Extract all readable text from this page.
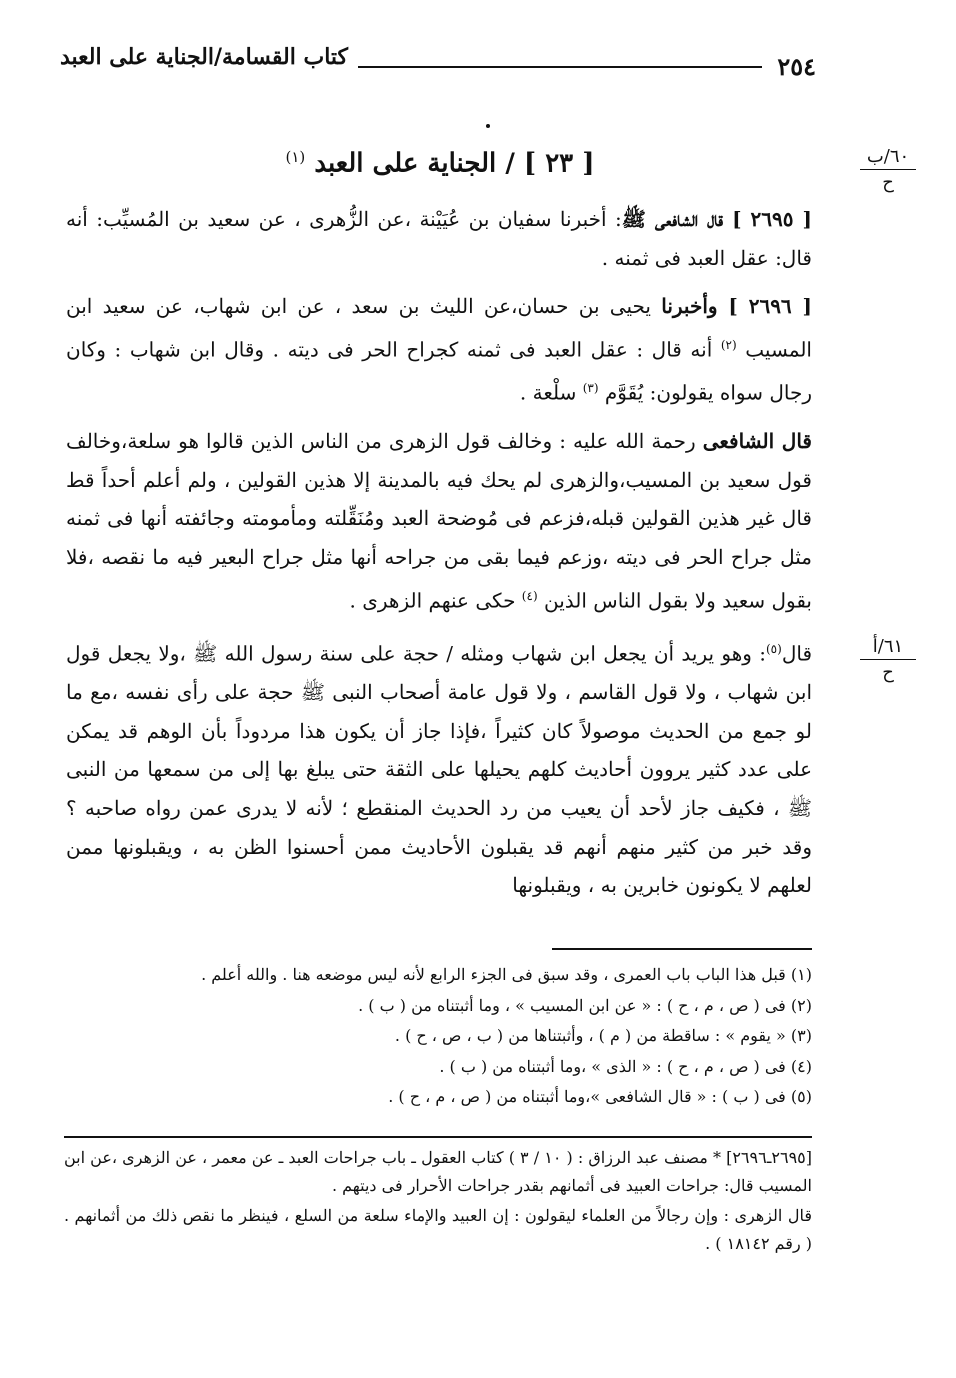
كتاب القسامة/الجناية على العبد	٢٥٤
٦٠/ب
ح
٦١/أ
ح
[ ٢٣ ] / الجناية على العبد $^{(١)}$

[ ٢٦٩٥ ] قال الشافعى ﷺ: أخبرنا سفيان بن عُيَيْنة ،عن الزُّهرى ، عن سعيد بن المُسيِّب: أنه قال: عقل العبد فى ثمنه .

[ ٢٦٩٦ ] وأخبرنا يحيى بن حسان،عن الليث بن سعد ، عن ابن شهاب، عن سعيد ابن المسيب $^{(٢)}$ أنه قال : عقل العبد فى ثمنه كجراح الحر فى ديته . وقال ابن شهاب : وكان رجال سواه يقولون: يُقَوَّم $^{(٣)}$ سلْعة .

قال الشافعى رحمة الله عليه : وخالف قول الزهرى من الناس الذين قالوا هو سلعة،وخالف قول سعيد بن المسيب،والزهرى لم يحك فيه بالمدينة إلا هذين القولين ، ولم أعلم أحداً قط قال غير هذين القولين قبله،فزعم فى مُوضحة العبد ومُنَقِّلته ومأمومته وجائفته أنها فى ثمنه مثل جراح الحر فى ديته ،وزعم فيما بقى من جراحه أنها مثل جراح البعير فيه ما نقصه ،فلا بقول سعيد ولا بقول الناس الذين $^{(٤)}$ حكى عنهم الزهرى .

قال$^{(٥)}$: وهو يريد أن يجعل ابن شهاب ومثله / حجة على سنة رسول الله ﷺ ،ولا يجعل قول ابن شهاب ، ولا قول القاسم ، ولا قول عامة أصحاب النبى ﷺ حجة على رأى نفسه ،مع ما لو جمع من الحديث موصولاً كان كثيراً ،فإذا جاز أن يكون هذا مردوداً بأن الوهم قد يمكن على عدد كثير يروون أحاديث كلهم يحيلها على الثقة حتى يبلغ بها إلى من سمعها من النبى ﷺ ، فكيف جاز لأحد أن يعيب من رد الحديث المنقطع ؛ لأنه لا يدرى عمن رواه صاحبه ؟ وقد خبر من كثير منهم أنهم قد يقبلون الأحاديث ممن أحسنوا الظن به ، ويقبلونها ممن لعلهم لا يكونون خابرين به ، ويقبلونها

(١) قبل هذا الباب باب العمرى ، وقد سبق فى الجزء الرابع لأنه ليس موضعه هنا . والله أعلم .
(٢) فى ( ص ، م ، ح ) : « عن ابن المسيب » ، وما أثبتناه من ( ب ) .
(٣) « يقوم » : ساقطة من ( م ) ، وأثبتناها من ( ب ، ص ، ح ) .
(٤) فى ( ص ، م ، ح ) : « الذى » ،وما أثبتناه من ( ب ) .
(٥) فى ( ب ) : « قال الشافعى »،وما أثبتناه من ( ص ، م ، ح ) .

[٢٦٩٥ـ٢٦٩٦] * مصنف عبد الرزاق : ( ١٠ / ٣ ) كتاب العقول ـ باب جراحات العبد ـ عن معمر ، عن الزهرى ،عن ابن المسيب قال: جراحات العبيد فى أثمانهم بقدر جراحات الأحرار فى ديتهم .

قال الزهرى : وإن رجالاً من العلماء ليقولون : إن العبيد والإماء سلعة من السلع ، فينظر ما نقص ذلك من أثمانهم . ( رقم ١٨١٤٢ ) .
